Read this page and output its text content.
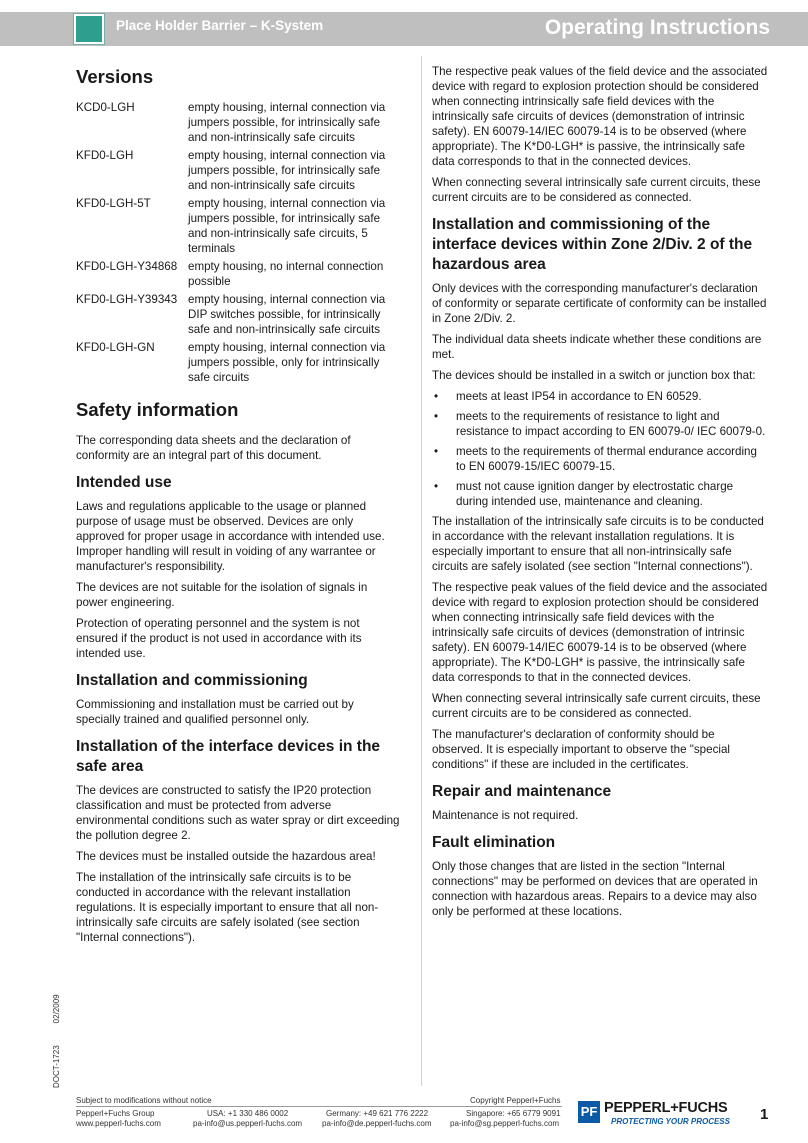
Place Holder Barrier – K-System	Operating Instructions
Versions
KCD0-LGH	empty housing, internal connection via jumpers possible, for intrinsically safe and non-intrinsically safe circuits
KFD0-LGH	empty housing, internal connection via jumpers possible, for intrinsically safe and non-intrinsically safe circuits
KFD0-LGH-5T	empty housing, internal connection via jumpers possible, for intrinsically safe and non-intrinsically safe circuits, 5 terminals
KFD0-LGH-Y34868 empty housing, no internal connection possible
KFD0-LGH-Y39343 empty housing, internal connection via DIP switches possible, for intrinsically safe and non-intrinsically safe circuits
KFD0-LGH-GN	empty housing, internal connection via jumpers possible, only for intrinsically safe circuits
Safety information

The corresponding data sheets and the declaration of conformity are an integral part of this document.

Intended use

Laws and regulations applicable to the usage or planned purpose of usage must be observed. Devices are only approved for proper usage in accordance with intended use. Improper handling will result in voiding of any warrantee or manufacturer's responsibility.

The devices are not suitable for the isolation of signals in power engineering.

Protection of operating personnel and the system is not ensured if the product is not used in accordance with its intended use.

Installation and commissioning

Commissioning and installation must be carried out by specially trained and qualified personnel only.

Installation of the interface devices in the safe area

The devices are constructed to satisfy the IP20 protection classification and must be protected from adverse environmental conditions such as water spray or dirt exceeding the pollution degree 2.

The devices must be installed outside the hazardous area!

The installation of the intrinsically safe circuits is to be conducted in accordance with the relevant installation regulations. It is especially important to ensure that all non-intrinsically safe circuits are safely isolated (see section "Internal connections").

The respective peak values of the field device and the associated device with regard to explosion protection should be considered when connecting intrinsically safe field devices with the intrinsically safe circuits of devices (demonstration of intrinsic safety). EN 60079-14/IEC 60079-14 is to be observed (where appropriate). The K*D0-LGH* is passive, the intrinsically safe data corresponds to that in the connected devices.

When connecting several intrinsically safe current circuits, these current circuits are to be considered as connected.

Installation and commissioning of the interface devices within Zone 2/Div. 2 of the hazardous area

Only devices with the corresponding manufacturer's declaration of conformity or separate certificate of conformity can be installed in Zone 2/Div. 2.

The individual data sheets indicate whether these conditions are met.

The devices should be installed in a switch or junction box that:

• meets at least IP54 in accordance to EN 60529.
• meets to the requirements of resistance to light and resistance to impact according to EN 60079-0/ IEC 60079-0.
• meets to the requirements of thermal endurance according to EN 60079-15/IEC 60079-15.
• must not cause ignition danger by electrostatic charge during intended use, maintenance and cleaning.

The installation of the intrinsically safe circuits is to be conducted in accordance with the relevant installation regulations. It is especially important to ensure that all non-intrinsically safe circuits are safely isolated (see section "Internal connections").

The respective peak values of the field device and the associated device with regard to explosion protection should be considered when connecting intrinsically safe field devices with the intrinsically safe circuits of devices (demonstration of intrinsic safety). EN 60079-14/IEC 60079-14 is to be observed (where appropriate). The K*D0-LGH* is passive, the intrinsically safe data corresponds to that in the connected devices.

When connecting several intrinsically safe current circuits, these current circuits are to be considered as connected.

The manufacturer's declaration of conformity should be observed. It is especially important to observe the "special conditions" if these are included in the certificates.

Repair and maintenance

Maintenance is not required.

Fault elimination

Only those changes that are listed in the section "Internal connections" may be performed on devices that are operated in connection with hazardous areas. Repairs to a device may also only be performed at these locations.

DOCT-172302/2009
Subject to modifications without notice	Copyright Pepperl+Fuchs
Pepperl+Fuchs Group
www.pepperl-fuchs.com
USA: +1 330 486 0002
pa-info@us.pepperl-fuchs.com
Germany: +49 621 776 2222
pa-info@de.pepperl-fuchs.com
Singapore: +65 6779 9091
pa-info@sg.pepperl-fuchs.com
PF PEPPERL+FUCHS
PROTECTING YOUR PROCESS 1
